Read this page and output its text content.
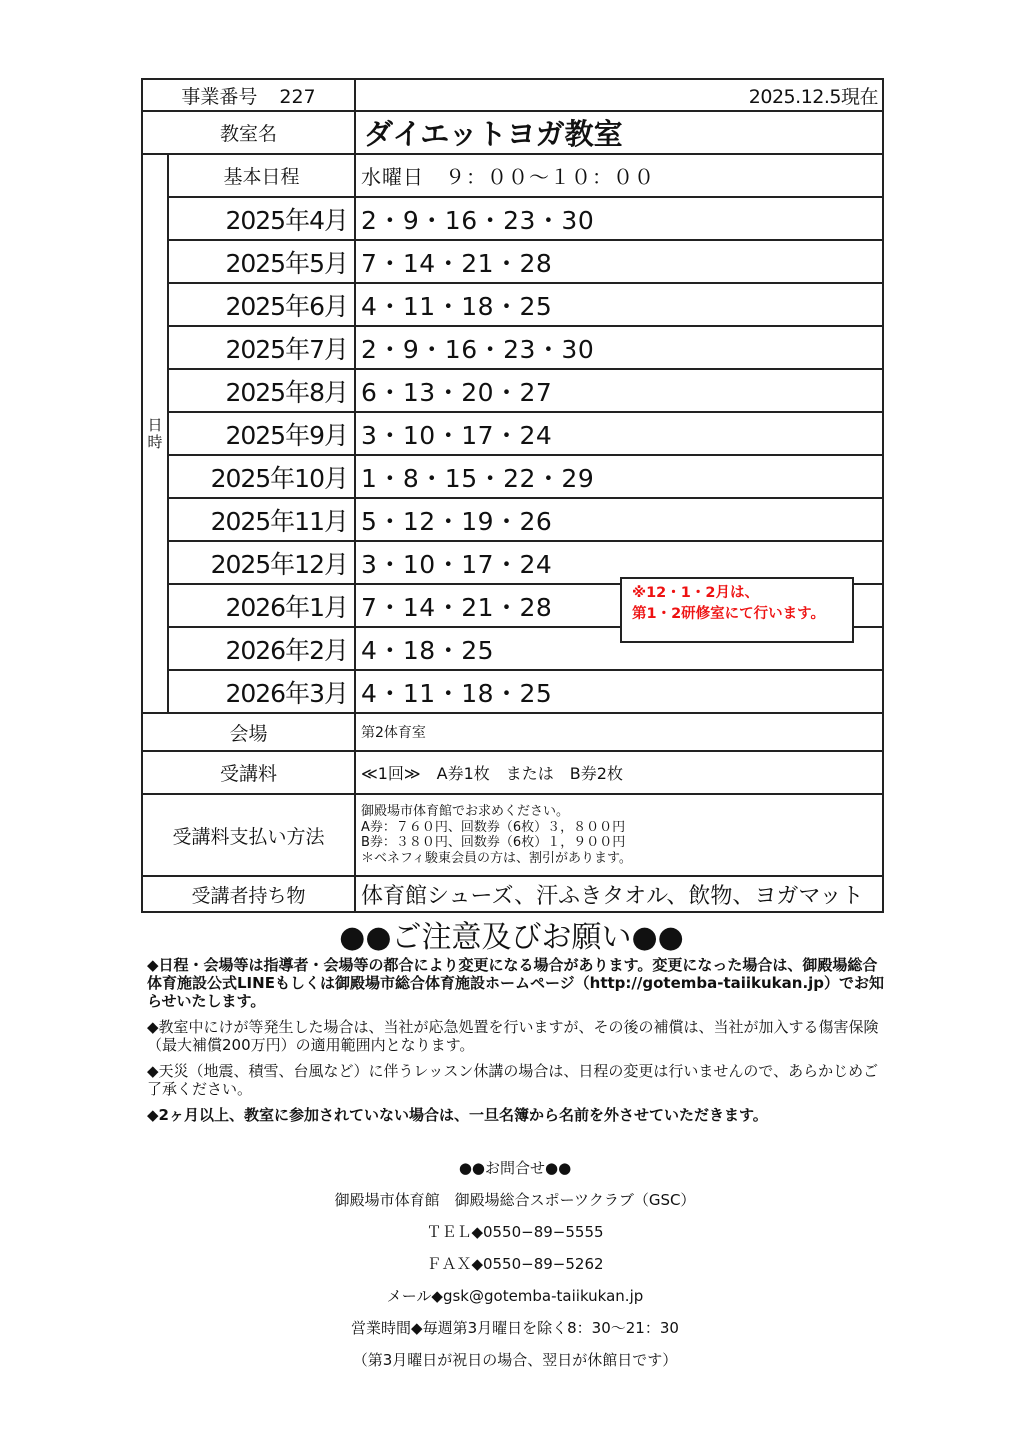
事業番号 227		2025.12.5現在
教室名		ダイエットヨガ教室

日
時	基本日程	水曜日　９：００～１０：００
	2025年4月	2・9・16・23・30
	2025年5月	7・14・21・28
	2025年6月	4・11・18・25
	2025年7月	2・9・16・23・30
	2025年8月	6・13・20・27
	2025年9月	3・10・17・24
	2025年10月	1・8・15・22・29
	2025年11月	5・12・19・26
	2025年12月	3・10・17・24
	2026年1月	7・14・21・28
	2026年2月	4・18・25
	2026年3月	4・11・18・25
会場		第2体育室
受講料		≪1回≫　A券1枚　または　B券2枚
受講料支払い方法		御殿場市体育館でお求めください。
A券：７６０円、回数券（6枚）３，８００円
B券：３８０円、回数券（6枚）１，９００円
＊ベネフィ駿東会員の方は、割引があります。

受講者持ち物		体育館シューズ、汗ふきタオル、飲物、ヨガマット
※12・1・2月は、
第1・2研修室にて行います。
●●ご注意及びお願い●●

◆日程・会場等は指導者・会場等の都合により変更になる場合があります。変更になった場合は、御殿場総合体育施設公式LINEもしくは御殿場市総合体育施設ホームページ（http://gotemba-taiikukan.jp）でお知らせいたします。

◆教室中にけが等発生した場合は、当社が応急処置を行いますが、その後の補償は、当社が加入する傷害保険（最大補償200万円）の適用範囲内となります。

◆天災（地震、積雪、台風など）に伴うレッスン休講の場合は、日程の変更は行いませんので、あらかじめご了承ください。

◆2ヶ月以上、教室に参加されていない場合は、一旦名簿から名前を外させていただきます。

●●お問合せ●●
御殿場市体育館　御殿場総合スポーツクラブ（GSC）
ＴＥＬ◆0550−89−5555
ＦＡＸ◆0550−89−5262
メール◆gsk@gotemba-taiikukan.jp
営業時間◆毎週第3月曜日を除く8：30～21：30
（第3月曜日が祝日の場合、翌日が休館日です）
